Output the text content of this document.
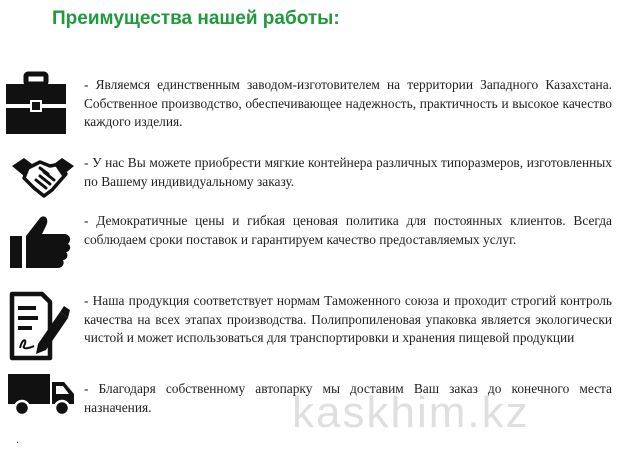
Преимущества нашей работы:
- Являемся единственным заводом-изготовителем на территории Западного Казахстана. Собственное производство, обеспечивающее надежность, практичность и высокое качество каждого изделия.
- У нас Вы можете приобрести мягкие контейнера различных типоразмеров, изготовленных по Вашему индивидуальному заказу.
- Демократичные цены и гибкая ценовая политика для постоянных клиентов. Всегда соблюдаем сроки поставок и гарантируем качество предоставляемых услуг.
- Наша продукция соответствует нормам Таможенного союза и проходит строгий контроль качества на всех этапах производства. Полипропиленовая упаковка является экологически чистой и может использоваться для транспортировки и хранения пищевой продукции
- Благодаря собственному автопарку мы доставим Ваш заказ до конечного места назначения.	kaskhim.kz
.
